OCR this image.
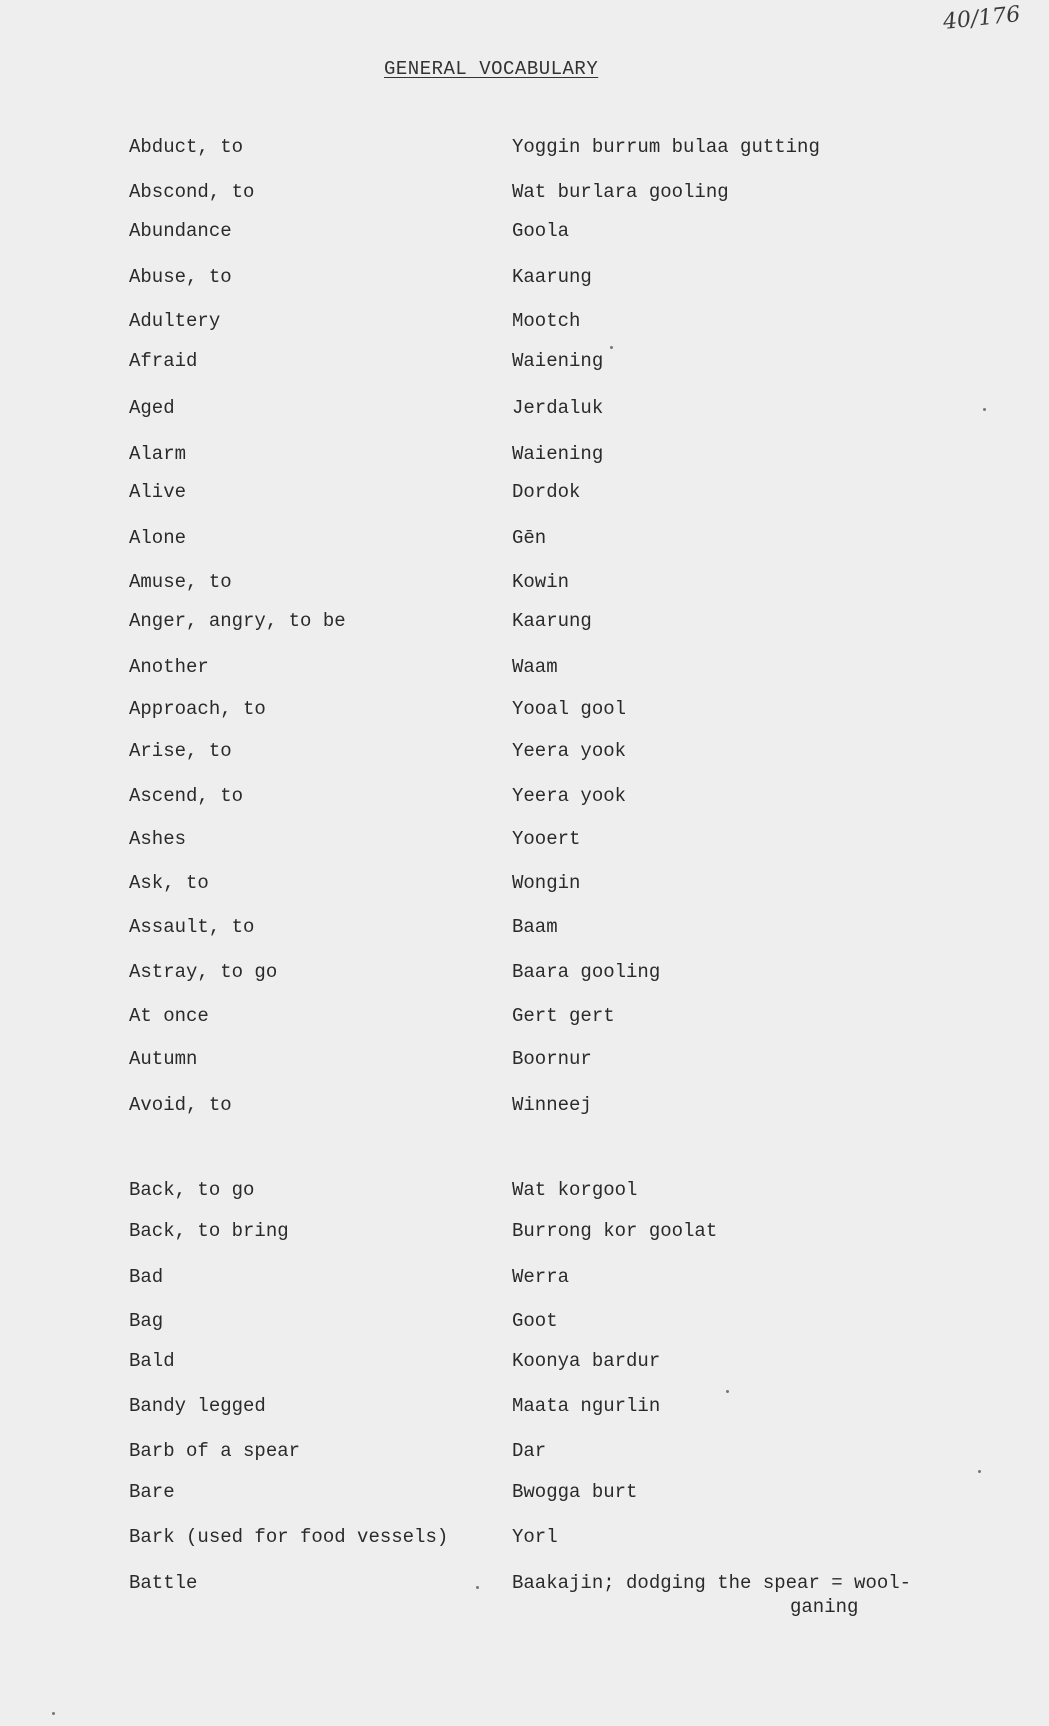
40/176
GENERAL VOCABULARY
Abduct, to	Yoggin burrum bulaa gutting
Abscond, to	Wat burlara gooling
Abundance	Goola
Abuse, to	Kaarung
Adultery	Mootch
Afraid	Waiening
Aged	Jerdaluk
Alarm	Waiening
Alive	Dordok
Alone	Gēn
Amuse, to	Kowin
Anger, angry, to be	Kaarung
Another	Waam
Approach, to	Yooal gool
Arise, to	Yeera yook
Ascend, to	Yeera yook
Ashes	Yooert
Ask, to	Wongin
Assault, to	Baam
Astray, to go	Baara gooling
At once	Gert gert
Autumn	Boornur
Avoid, to	Winneej
Back, to go	Wat korgool
Back, to bring	Burrong kor goolat
Bad	Werra
Bag	Goot
Bald	Koonya bardur
Bandy legged	Maata ngurlin
Barb of a spear	Dar
Bare	Bwogga burt
Bark (used for food vessels)	Yorl
Battle	Baakajin; dodging the spear = wool-
ganing
